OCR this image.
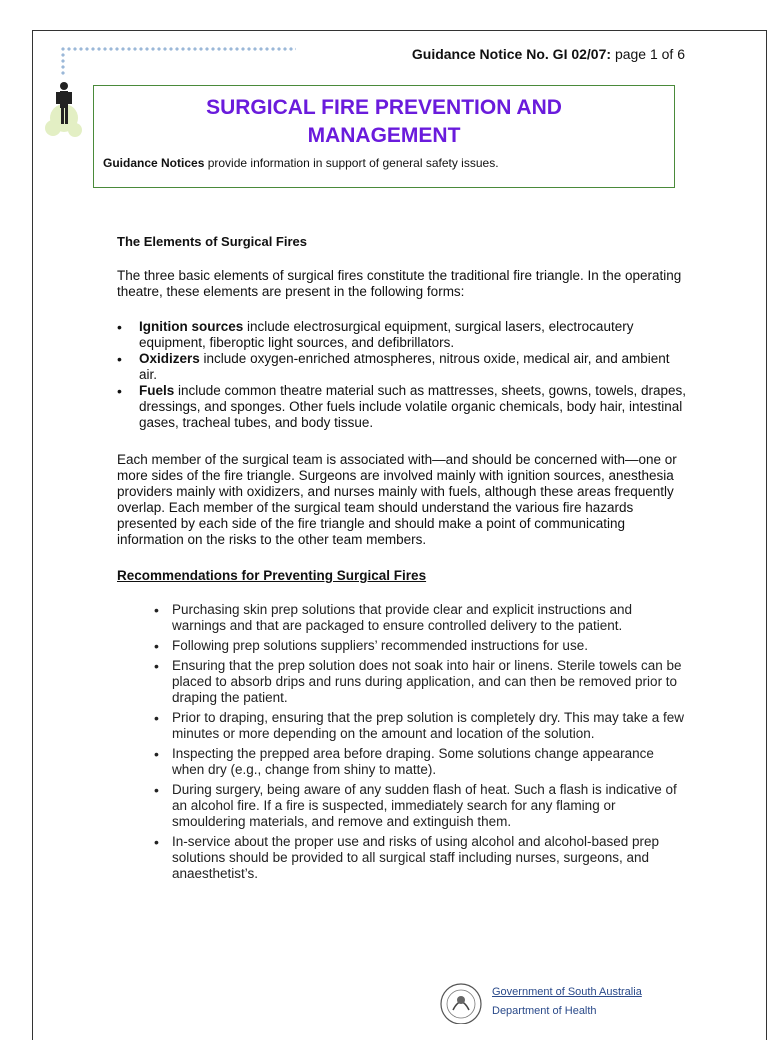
Guidance Notice No. GI 02/07: page 1 of 6
SURGICAL FIRE PREVENTION AND MANAGEMENT
Guidance Notices provide information in support of general safety issues.
The Elements of Surgical Fires
The three basic elements of surgical fires constitute the traditional fire triangle. In the operating theatre, these elements are present in the following forms:
• Ignition sources include electrosurgical equipment, surgical lasers, electrocautery equipment, fiberoptic light sources, and defibrillators.
• Oxidizers include oxygen-enriched atmospheres, nitrous oxide, medical air, and ambient air.
• Fuels include common theatre material such as mattresses, sheets, gowns, towels, drapes, dressings, and sponges. Other fuels include volatile organic chemicals, body hair, intestinal gases, tracheal tubes, and body tissue.
Each member of the surgical team is associated with—and should be concerned with—one or more sides of the fire triangle. Surgeons are involved mainly with ignition sources, anesthesia providers mainly with oxidizers, and nurses mainly with fuels, although these areas frequently overlap. Each member of the surgical team should understand the various fire hazards presented by each side of the fire triangle and should make a point of communicating information on the risks to the other team members.
Recommendations for Preventing Surgical Fires
• Purchasing skin prep solutions that provide clear and explicit instructions and warnings and that are packaged to ensure controlled delivery to the patient.
• Following prep solutions suppliers’ recommended instructions for use.
• Ensuring that the prep solution does not soak into hair or linens. Sterile towels can be placed to absorb drips and runs during application, and can then be removed prior to draping the patient.
• Prior to draping, ensuring that the prep solution is completely dry. This may take a few minutes or more depending on the amount and location of the solution.
• Inspecting the prepped area before draping. Some solutions change appearance when dry (e.g., change from shiny to matte).
• During surgery, being aware of any sudden flash of heat. Such a flash is indicative of an alcohol fire. If a fire is suspected, immediately search for any flaming or smouldering materials, and remove and extinguish them.
• In-service about the proper use and risks of using alcohol and alcohol-based prep solutions should be provided to all surgical staff including nurses, surgeons, and anaesthetist’s.
Government of South Australia
Department of Health
